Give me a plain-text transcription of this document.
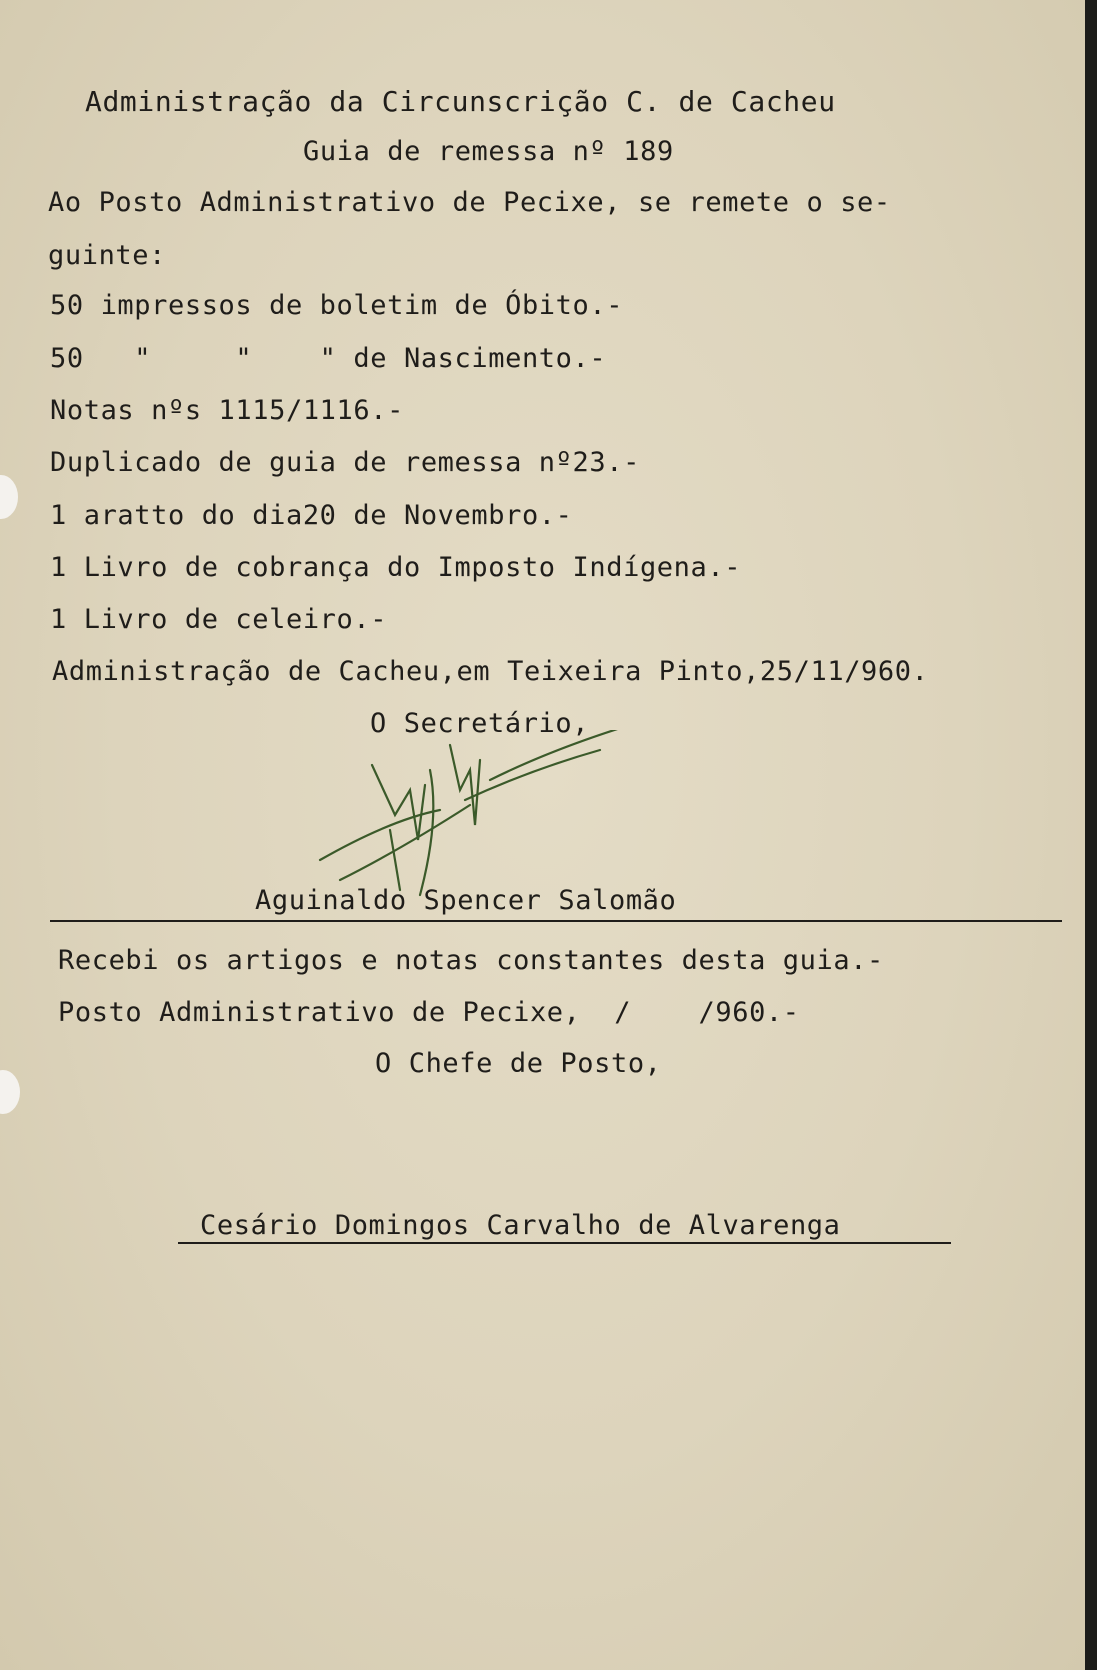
Administração da Circunscrição C. de Cacheu
Guia de remessa nº 189
Ao Posto Administrativo de Pecixe, se remete o se-
guinte:
50 impressos de boletim de Óbito.-
50   "     "    " de Nascimento.-
Notas nºs 1115/1116.-
Duplicado de guia de remessa nº23.-
1 aratto do dia20 de Novembro.-
1 Livro de cobrança do Imposto Indígena.-
1 Livro de celeiro.-
Administração de Cacheu,em Teixeira Pinto,25/11/960.
O Secretário,
Aguinaldo Spencer Salomão
Recebi os artigos e notas constantes desta guia.-
Posto Administrativo de Pecixe,  /    /960.-
O Chefe de Posto,
Cesário Domingos Carvalho de Alvarenga
